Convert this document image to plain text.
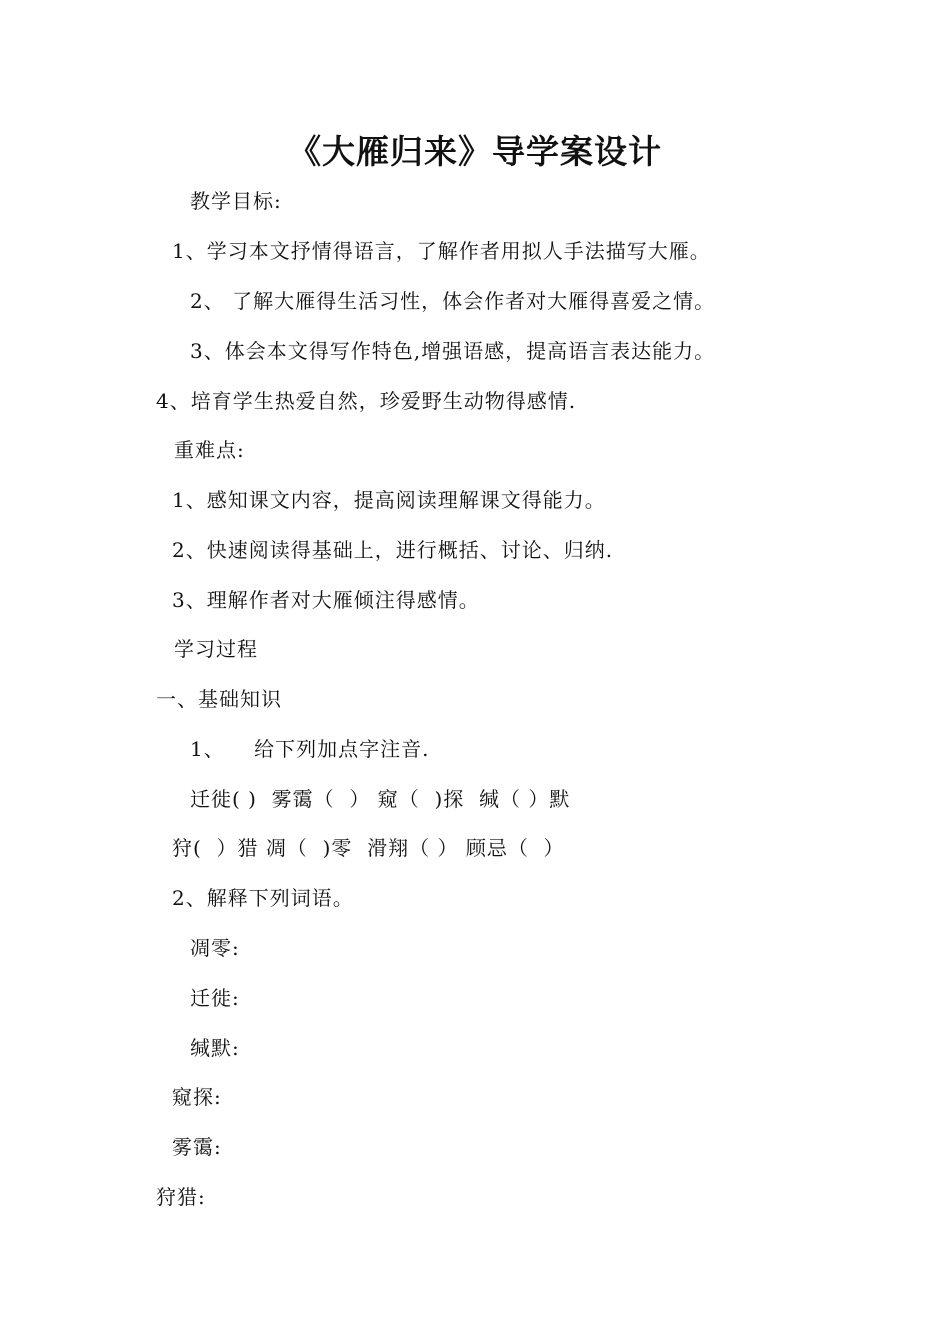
《大雁归来》导学案设计
教学目标:
1、学习本文抒情得语言，了解作者用拟人手法描写大雁。
2、 了解大雁得生活习性，体会作者对大雁得喜爱之情。
3、体会本文得写作特色,增强语感，提高语言表达能力。
4、培育学生热爱自然，珍爱野生动物得感情.
重难点:
1、感知课文内容，提高阅读理解课文得能力。
2、快速阅读得基础上，进行概括、讨论、归纳.
3、理解作者对大雁倾注得感情。
学习过程
一、基础知识
1、    给下列加点字注音.
迁徙( )  雾霭（  ） 窥（  )探  缄（ ）默
狩(  ）猎 凋（  )零  滑翔（ ） 顾忌（  ）
2、解释下列词语。
凋零:
迁徙:
缄默:
窥探:
雾霭:
狩猎:
